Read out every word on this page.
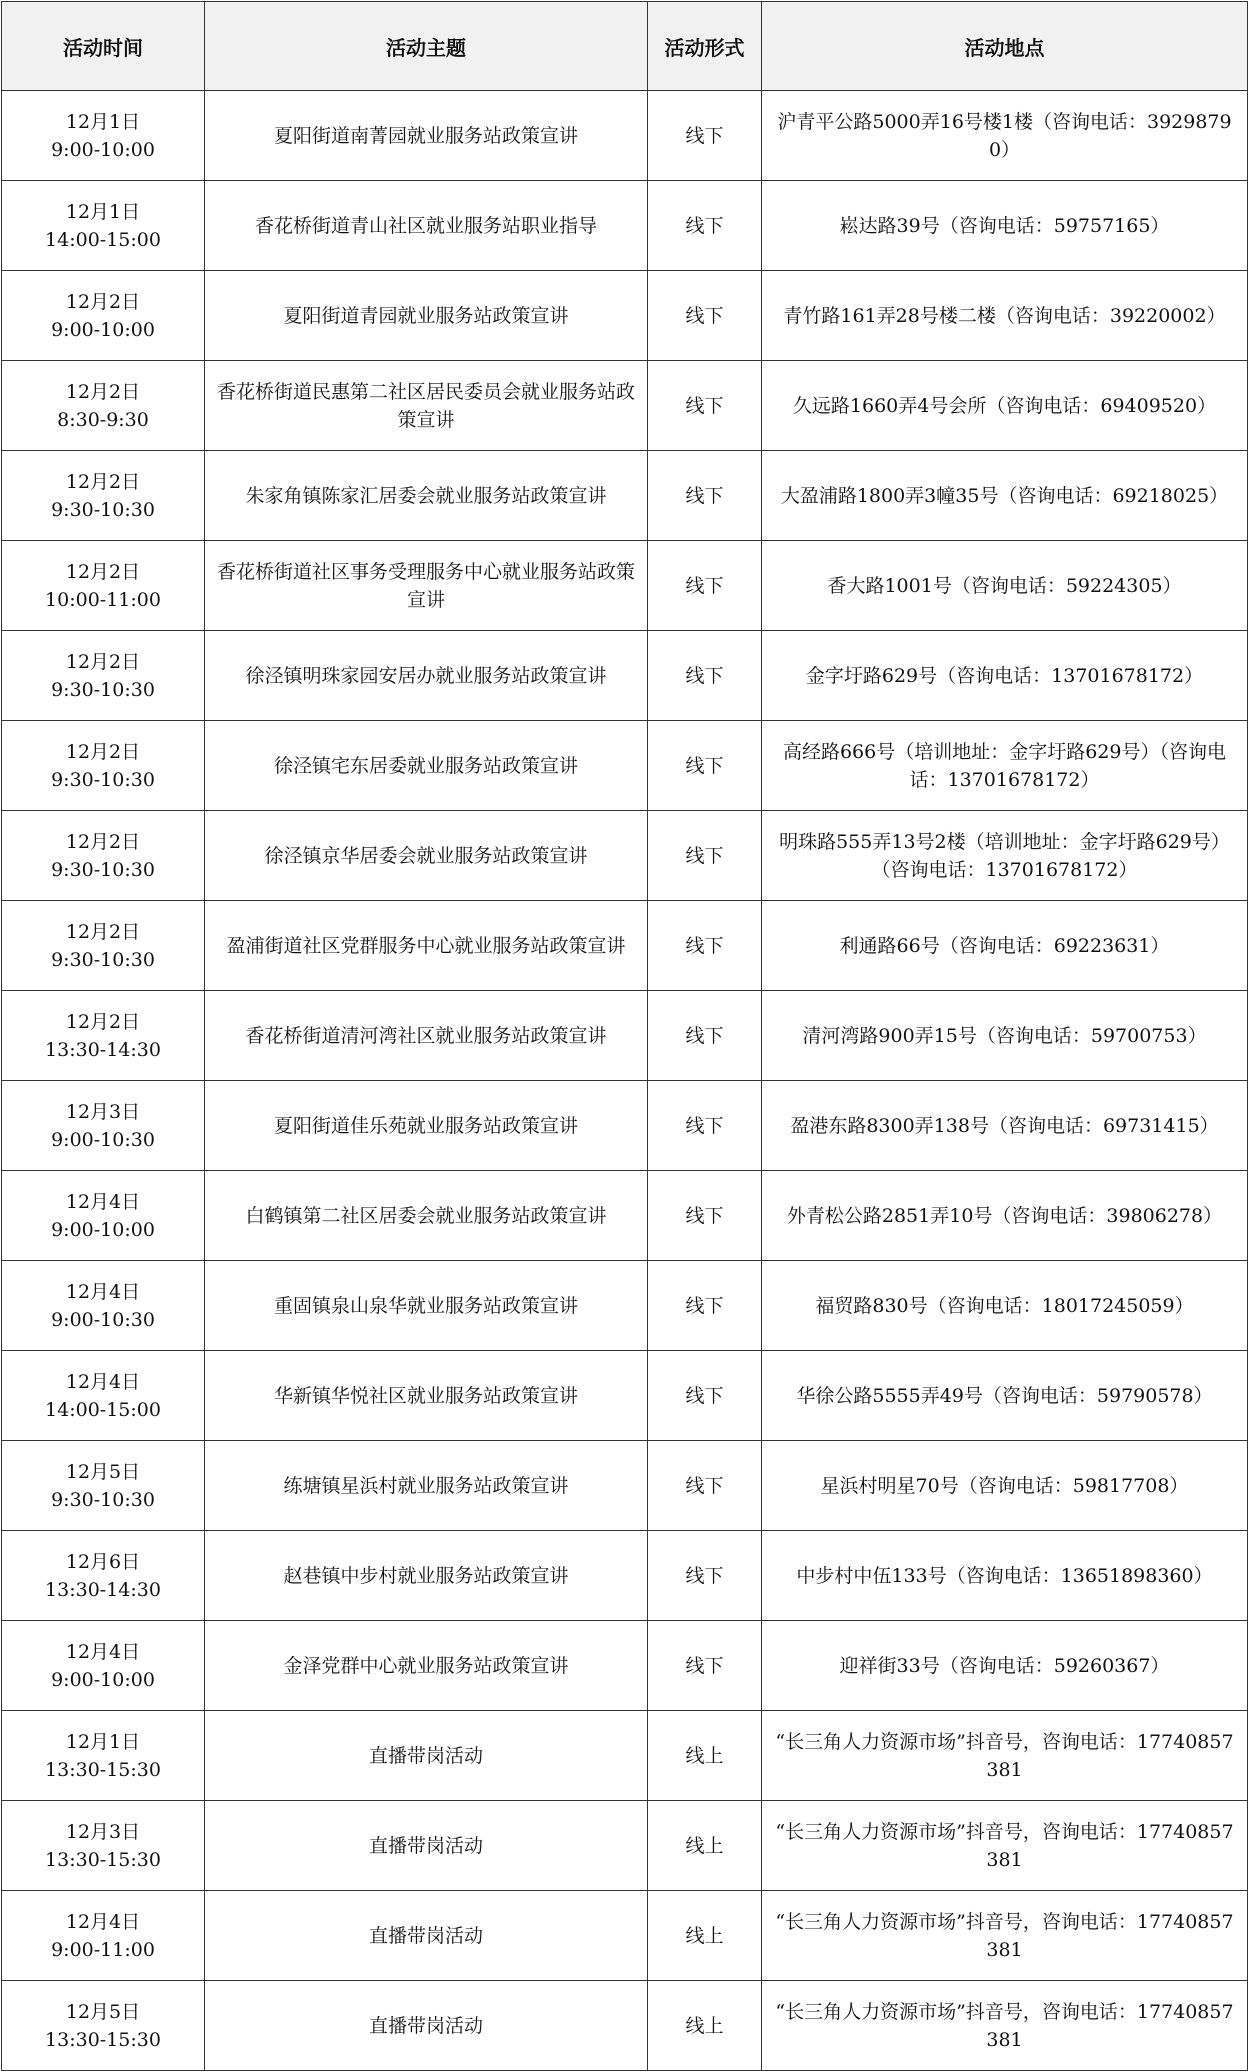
活动时间	活动主题	活动形式	活动地点

12月1日
9:00-10:00	夏阳街道南菁园就业服务站政策宣讲	线下	沪青平公路5000弄16号楼1楼（咨询电话：39298790）

12月1日
14:00-15:00	香花桥街道青山社区就业服务站职业指导	线下	崧达路39号（咨询电话：59757165）

12月2日
9:00-10:00	夏阳街道青园就业服务站政策宣讲	线下	青竹路161弄28号楼二楼（咨询电话：39220002）

12月2日
8:30-9:30	香花桥街道民惠第二社区居民委员会就业服务站政策宣讲	线下	久远路1660弄4号会所（咨询电话：69409520）

12月2日
9:30-10:30	朱家角镇陈家汇居委会就业服务站政策宣讲	线下	大盈浦路1800弄3幢35号（咨询电话：69218025）

12月2日
10:00-11:00	香花桥街道社区事务受理服务中心就业服务站政策宣讲	线下	香大路1001号（咨询电话：59224305）

12月2日
9:30-10:30	徐泾镇明珠家园安居办就业服务站政策宣讲	线下	金字圩路629号（咨询电话：13701678172）

12月2日
9:30-10:30	徐泾镇宅东居委就业服务站政策宣讲	线下	高经路666号（培训地址：金字圩路629号）（咨询电话：13701678172）

12月2日
9:30-10:30	徐泾镇京华居委会就业服务站政策宣讲	线下	明珠路555弄13号2楼（培训地址：金字圩路629号）（咨询电话：13701678172）

12月2日
9:30-10:30	盈浦街道社区党群服务中心就业服务站政策宣讲	线下	利通路66号（咨询电话：69223631）

12月2日
13:30-14:30	香花桥街道清河湾社区就业服务站政策宣讲	线下	清河湾路900弄15号（咨询电话：59700753）

12月3日
9:00-10:30	夏阳街道佳乐苑就业服务站政策宣讲	线下	盈港东路8300弄138号（咨询电话：69731415）

12月4日
9:00-10:00	白鹤镇第二社区居委会就业服务站政策宣讲	线下	外青松公路2851弄10号（咨询电话：39806278）

12月4日
9:00-10:30	重固镇泉山泉华就业服务站政策宣讲	线下	福贸路830号（咨询电话：18017245059）

12月4日
14:00-15:00	华新镇华悦社区就业服务站政策宣讲	线下	华徐公路5555弄49号（咨询电话：59790578）

12月5日
9:30-10:30	练塘镇星浜村就业服务站政策宣讲	线下	星浜村明星70号（咨询电话：59817708）

12月6日
13:30-14:30	赵巷镇中步村就业服务站政策宣讲	线下	中步村中伍133号（咨询电话：13651898360）

12月4日
9:00-10:00	金泽党群中心就业服务站政策宣讲	线下	迎祥街33号（咨询电话：59260367）

12月1日
13:30-15:30	直播带岗活动	线上	“长三角人力资源市场”抖音号，咨询电话：17740857381

12月3日
13:30-15:30	直播带岗活动	线上	“长三角人力资源市场”抖音号，咨询电话：17740857381

12月4日
9:00-11:00	直播带岗活动	线上	“长三角人力资源市场”抖音号，咨询电话：17740857381

12月5日
13:30-15:30	直播带岗活动	线上	“长三角人力资源市场”抖音号，咨询电话：17740857381
